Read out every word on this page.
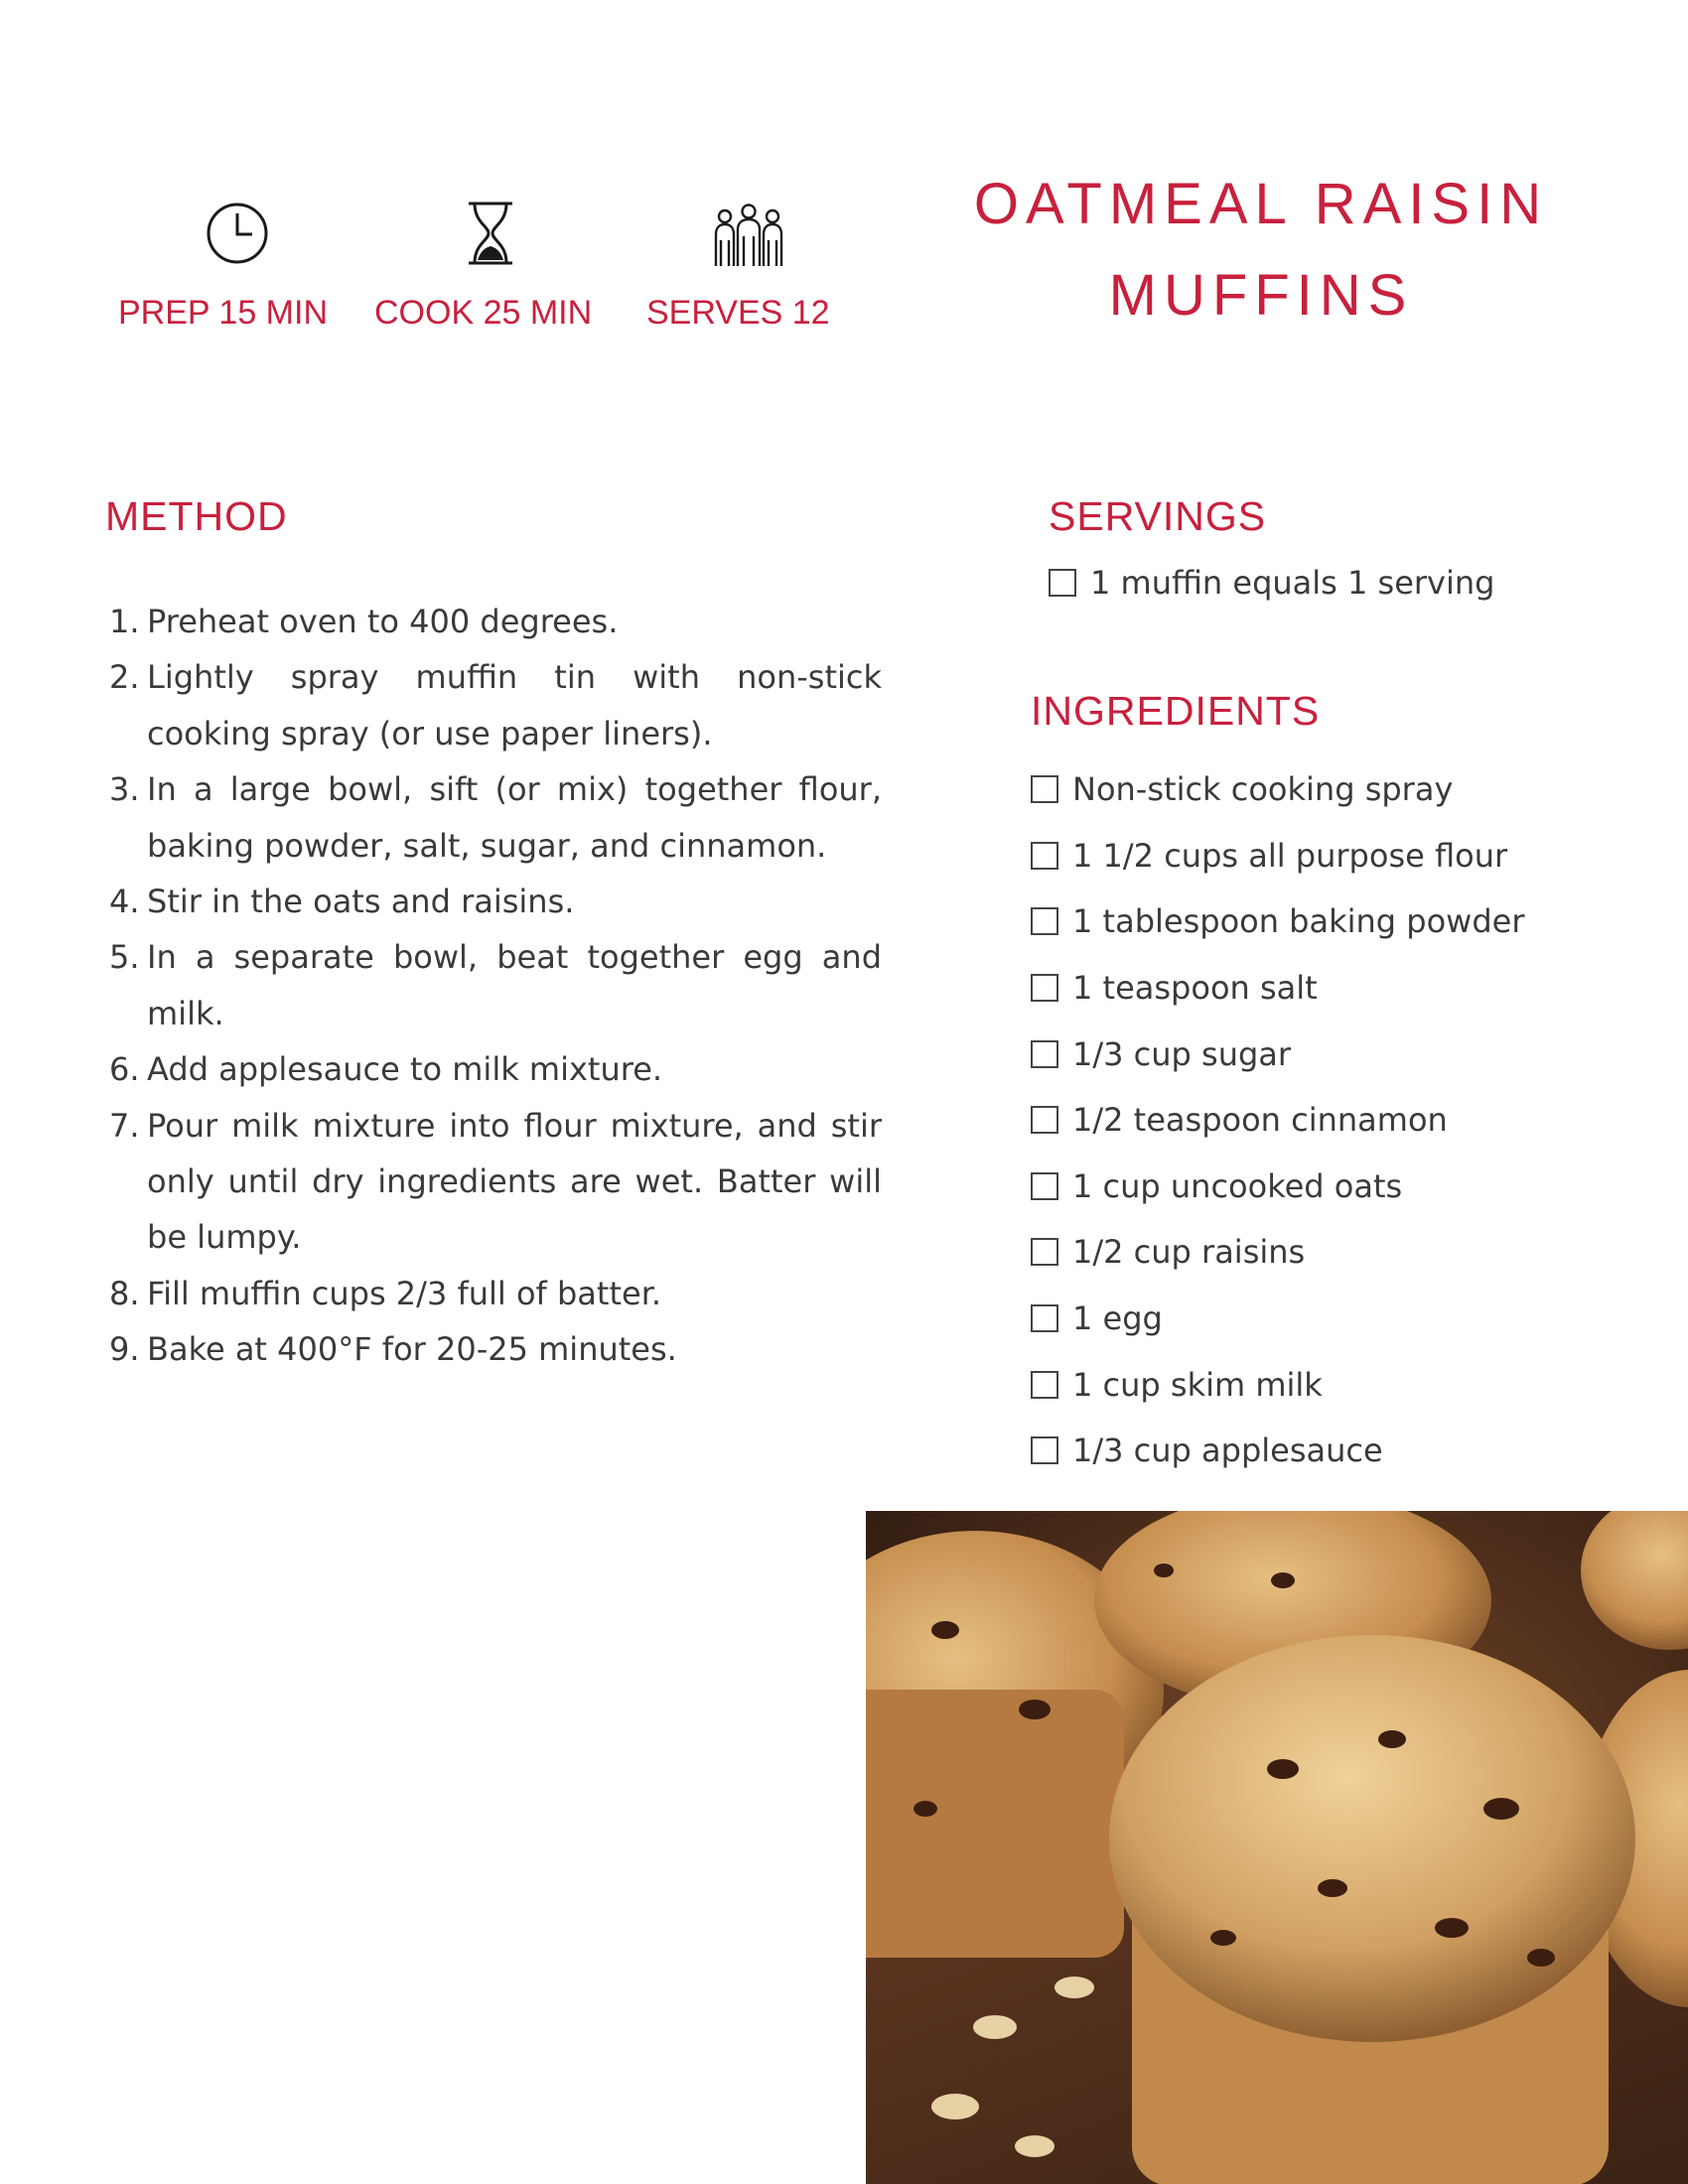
PREP 15 MIN COOK 25 MIN SERVES 12
OATMEAL RAISIN
MUFFINS
METHOD
1. Preheat oven to 400 degrees.
2. Lightly spray muffin tin with non-stick cooking spray (or use paper liners).
3. In a large bowl, sift (or mix) together flour, baking powder, salt, sugar, and cinnamon.
4. Stir in the oats and raisins.
5. In a separate bowl, beat together egg and milk.
6. Add applesauce to milk mixture.
7. Pour milk mixture into flour mixture, and stir only until dry ingredients are wet. Batter will be lumpy.
8. Fill muffin cups 2/3 full of batter.
9. Bake at 400°F for 20-25 minutes.
SERVINGS
1 muffin equals 1 serving
INGREDIENTS
Non-stick cooking spray
1 1/2 cups all purpose flour
1 tablespoon baking powder
1 teaspoon salt
1/3 cup sugar
1/2 teaspoon cinnamon
1 cup uncooked oats
1/2 cup raisins
1 egg
1 cup skim milk
1/3 cup applesauce
